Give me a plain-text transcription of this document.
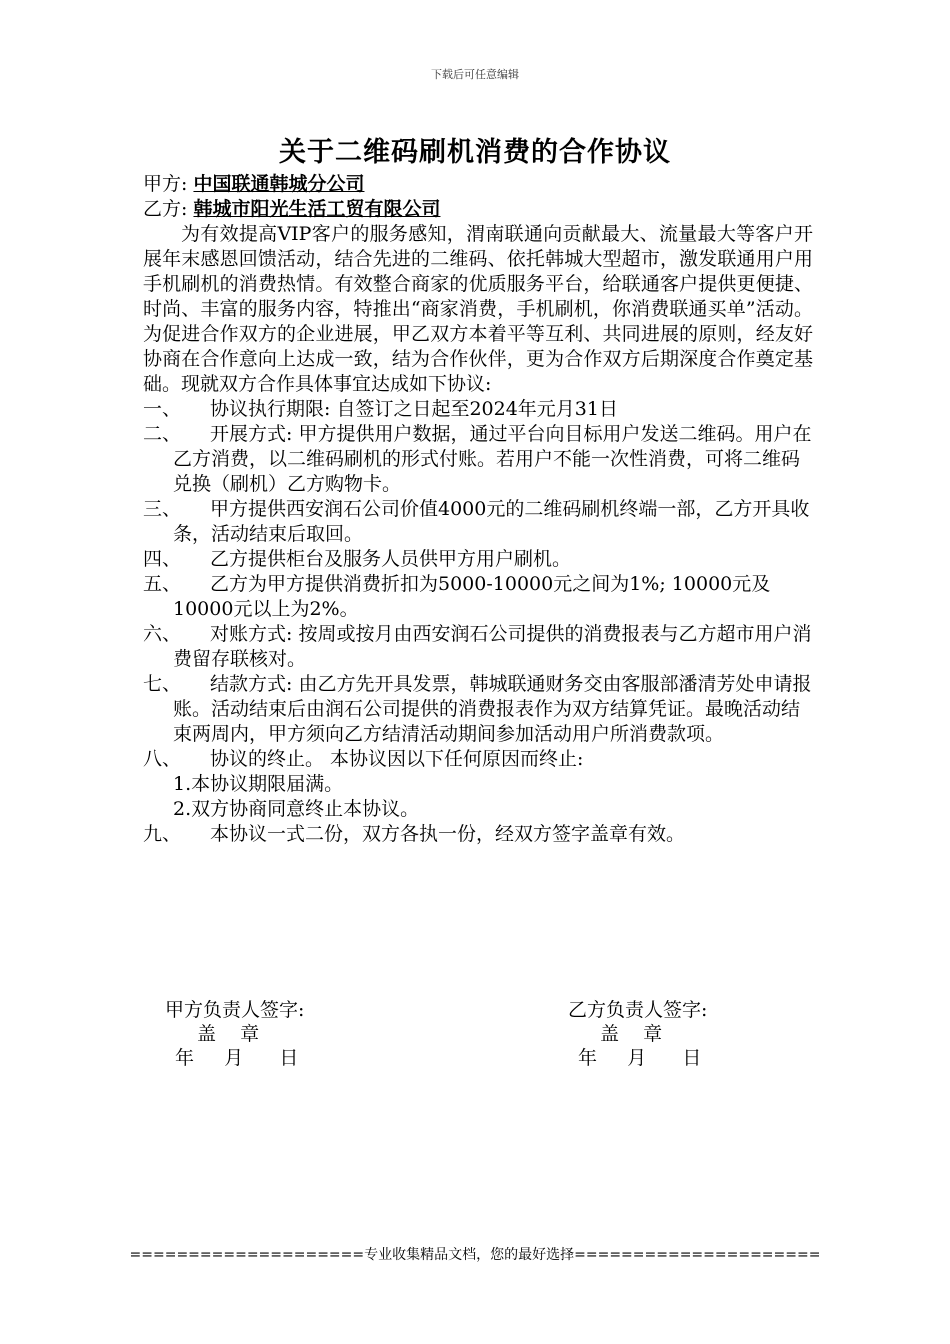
下载后可任意编辑
关于二维码刷机消费的合作协议
甲方: 中国联通韩城分公司
乙方: 韩城市阳光生活工贸有限公司
为有效提高VIP客户的服务感知，渭南联通向贡献最大、流量最大等客户开展年末感恩回馈活动，结合先进的二维码、依托韩城大型超市，激发联通用户用手机刷机的消费热情。有效整合商家的优质服务平台，给联通客户提供更便捷、时尚、丰富的服务内容，特推出“商家消费，手机刷机，你消费联通买单”活动。为促进合作双方的企业进展，甲乙双方本着平等互利、共同进展的原则，经友好协商在合作意向上达成一致，结为合作伙伴，更为合作双方后期深度合作奠定基础。现就双方合作具体事宜达成如下协议:
一、	协议执行期限: 自签订之日起至2024年元月31日
二、	开展方式: 甲方提供用户数据，通过平台向目标用户发送二维码。用户在乙方消费，以二维码刷机的形式付账。若用户不能一次性消费，可将二维码兑换（刷机）乙方购物卡。
三、	甲方提供西安润石公司价值4000元的二维码刷机终端一部，乙方开具收条，活动结束后取回。
四、	乙方提供柜台及服务人员供甲方用户刷机。
五、	乙方为甲方提供消费折扣为5000-10000元之间为1%; 10000元及10000元以上为2%。
六、	对账方式: 按周或按月由西安润石公司提供的消费报表与乙方超市用户消费留存联核对。
七、	结款方式: 由乙方先开具发票，韩城联通财务交由客服部潘清芳处申请报账。活动结束后由润石公司提供的消费报表作为双方结算凭证。最晚活动结束两周内，甲方须向乙方结清活动期间参加活动用户所消费款项。
八、	协议的终止。 本协议因以下任何原因而终止:
1.本协议期限届满。
2.双方协商同意终止本协议。
九、	本协议一式二份，双方各执一份，经双方签字盖章有效。
甲方负责人签字:
盖    章
年     月      日
乙方负责人签字:
盖    章
年     月      日
====================专业收集精品文档，您的最好选择=====================
